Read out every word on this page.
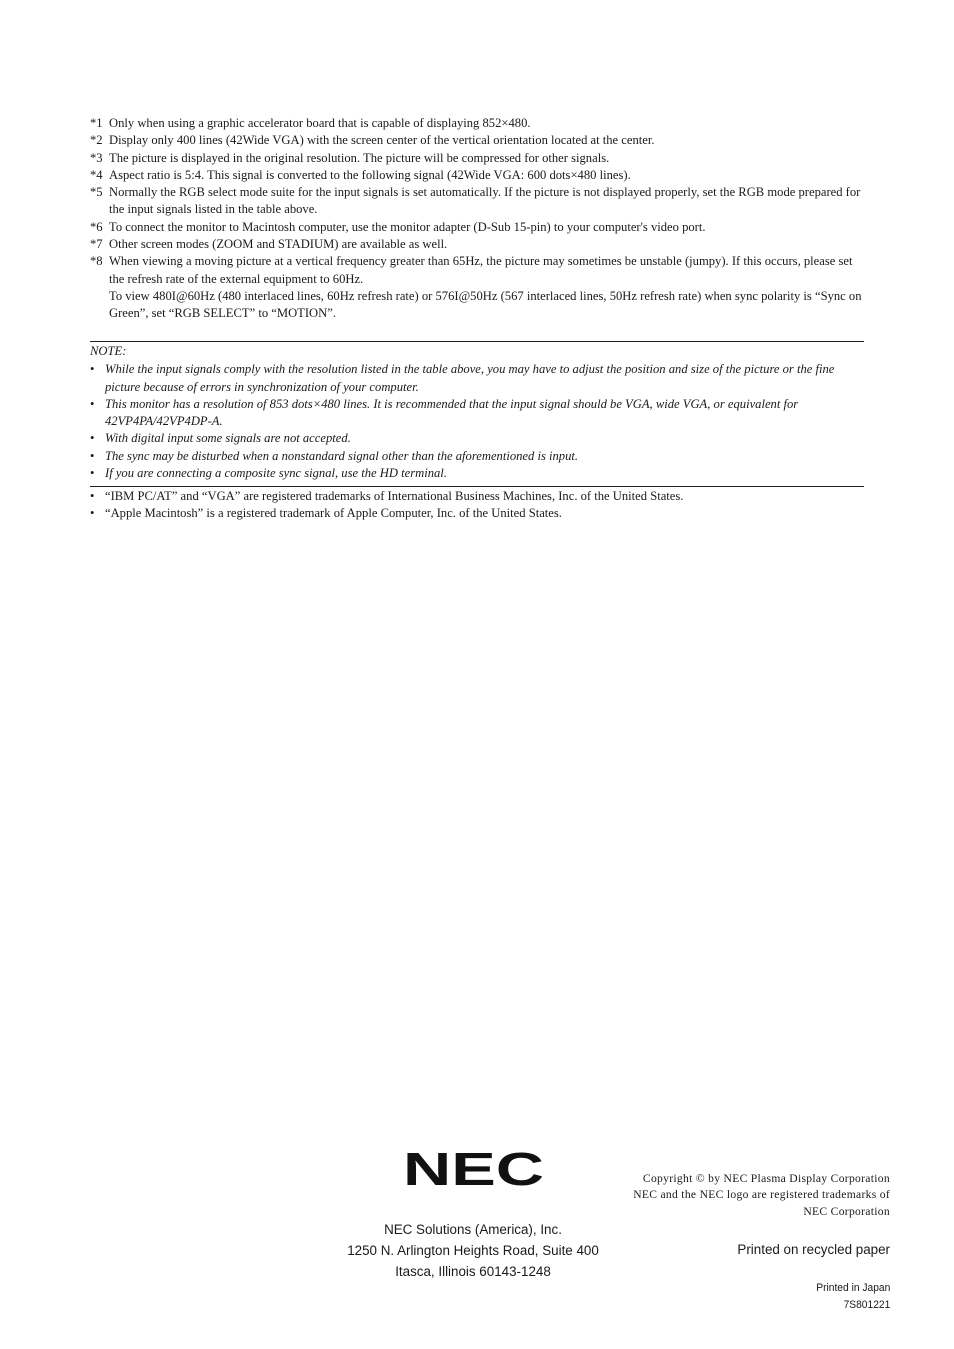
*1 Only when using a graphic accelerator board that is capable of displaying 852×480.
*2 Display only 400 lines (42Wide VGA) with the screen center of the vertical orientation located at the center.
*3 The picture is displayed in the original resolution. The picture will be compressed for other signals.
*4 Aspect ratio is 5:4. This signal is converted to the following signal (42Wide VGA: 600 dots×480 lines).
*5 Normally the RGB select mode suite for the input signals is set automatically. If the picture is not displayed properly, set the RGB mode prepared for the input signals listed in the table above.
*6 To connect the monitor to Macintosh computer, use the monitor adapter (D-Sub 15-pin) to your computer's video port.
*7 Other screen modes (ZOOM and STADIUM) are available as well.
*8 When viewing a moving picture at a vertical frequency greater than 65Hz, the picture may sometimes be unstable (jumpy). If this occurs, please set the refresh rate of the external equipment to 60Hz.
To view 480I@60Hz (480 interlaced lines, 60Hz refresh rate) or 576I@50Hz (567 interlaced lines, 50Hz refresh rate) when sync polarity is “Sync on Green”, set “RGB SELECT” to “MOTION”.
NOTE:
• While the input signals comply with the resolution listed in the table above, you may have to adjust the position and size of the picture or the fine picture because of errors in synchronization of your computer.
• This monitor has a resolution of 853 dots×480 lines. It is recommended that the input signal should be VGA, wide VGA, or equivalent for 42VP4PA/42VP4DP-A.
• With digital input some signals are not accepted.
• The sync may be disturbed when a nonstandard signal other than the aforementioned is input.
• If you are connecting a composite sync signal, use the HD terminal.
• “IBM PC/AT” and “VGA” are registered trademarks of International Business Machines, Inc. of the United States.
• “Apple Macintosh” is a registered trademark of Apple Computer, Inc. of the United States.
NEC
NEC Solutions (America), Inc.
1250 N. Arlington Heights Road, Suite 400
Itasca, Illinois 60143-1248
Copyright © by NEC Plasma Display Corporation
NEC and the NEC logo are registered trademarks of
NEC Corporation
Printed on recycled paper
Printed in Japan
7S801221
